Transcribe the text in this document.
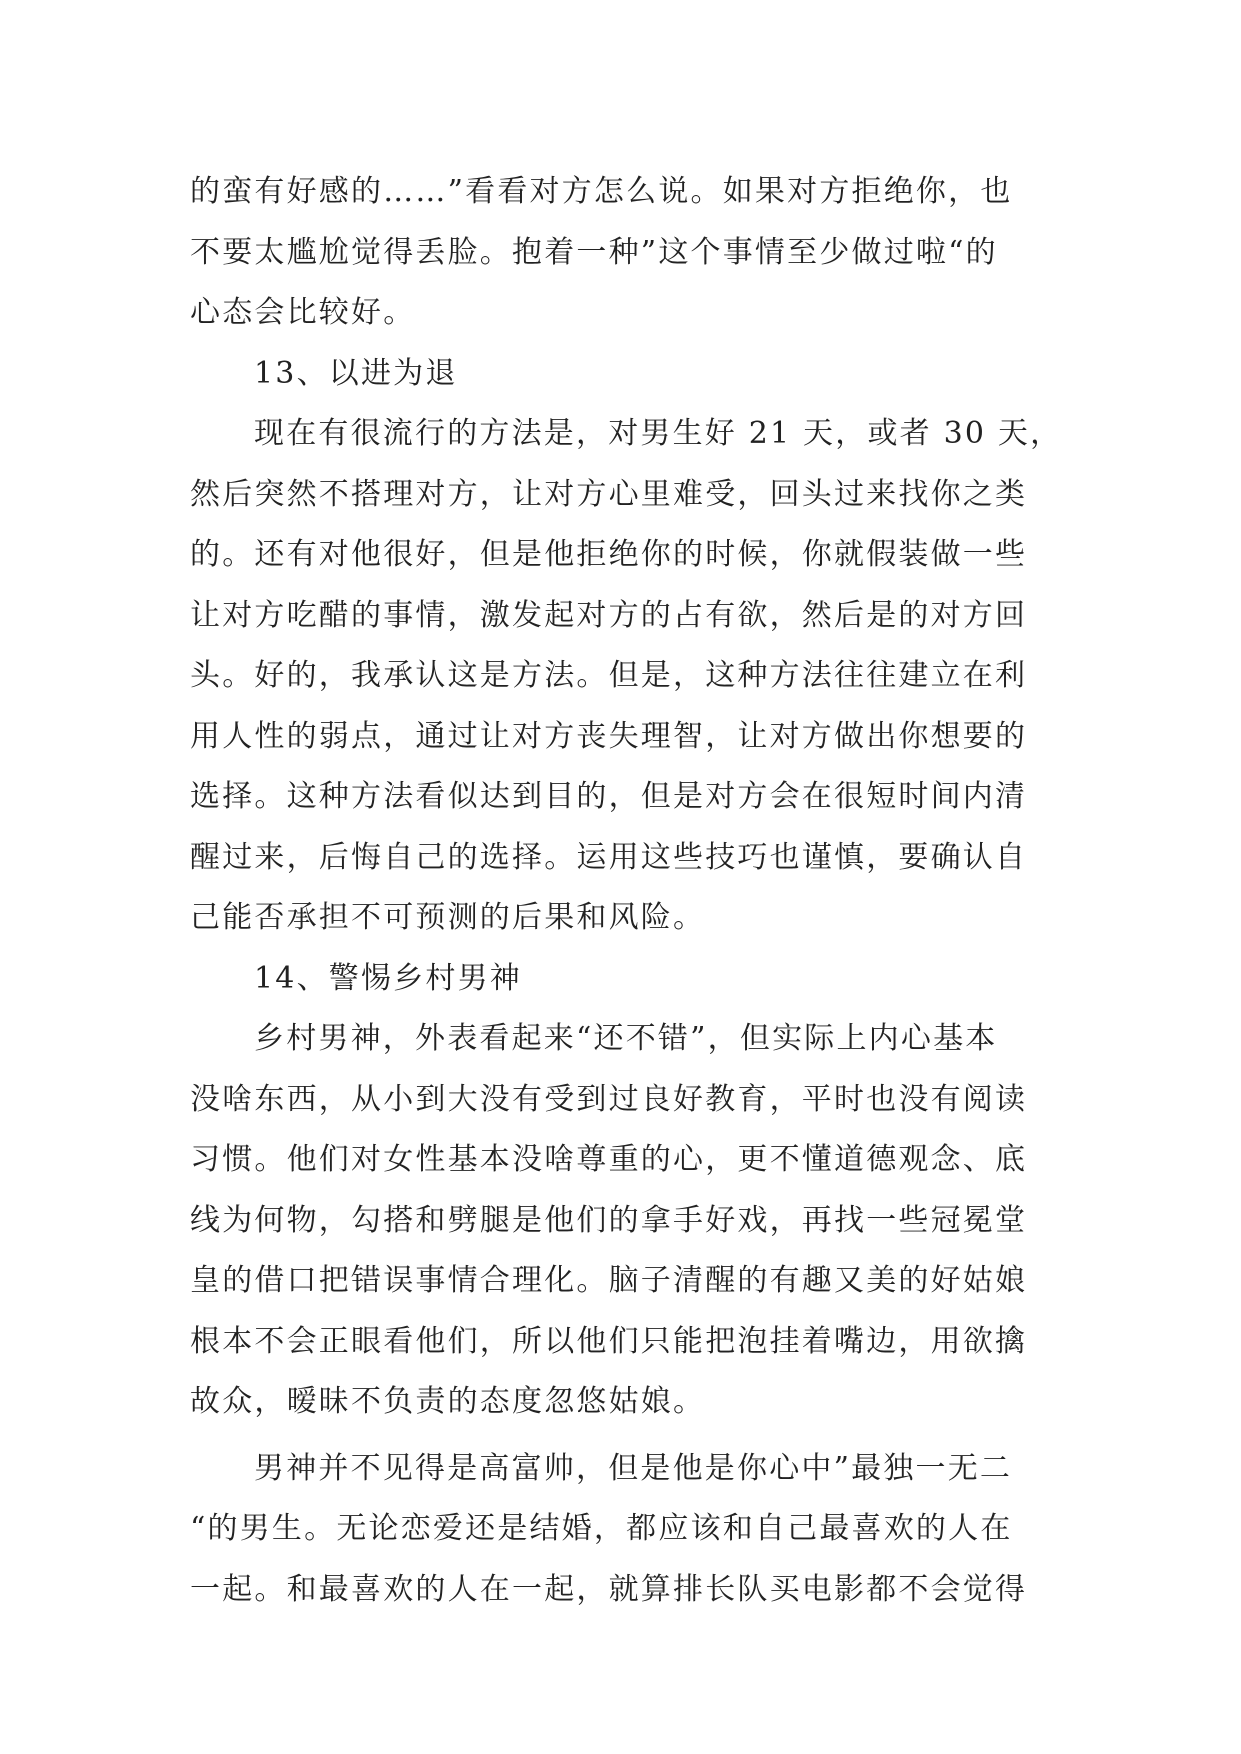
的蛮有好感的……”看看对方怎么说。如果对方拒绝你，也
不要太尴尬觉得丢脸。抱着一种”这个事情至少做过啦“的
心态会比较好。
13、以进为退
现在有很流行的方法是，对男生好 21 天，或者 30 天，
然后突然不搭理对方，让对方心里难受，回头过来找你之类
的。还有对他很好，但是他拒绝你的时候，你就假装做一些
让对方吃醋的事情，激发起对方的占有欲，然后是的对方回
头。好的，我承认这是方法。但是，这种方法往往建立在利
用人性的弱点，通过让对方丧失理智，让对方做出你想要的
选择。这种方法看似达到目的，但是对方会在很短时间内清
醒过来，后悔自己的选择。运用这些技巧也谨慎，要确认自
己能否承担不可预测的后果和风险。
14、警惕乡村男神
乡村男神，外表看起来“还不错”，但实际上内心基本
没啥东西，从小到大没有受到过良好教育，平时也没有阅读
习惯。他们对女性基本没啥尊重的心，更不懂道德观念、底
线为何物，勾搭和劈腿是他们的拿手好戏，再找一些冠冕堂
皇的借口把错误事情合理化。脑子清醒的有趣又美的好姑娘
根本不会正眼看他们，所以他们只能把泡挂着嘴边，用欲擒
故众，暧昧不负责的态度忽悠姑娘。
男神并不见得是高富帅，但是他是你心中”最独一无二
“的男生。无论恋爱还是结婚，都应该和自己最喜欢的人在
一起。和最喜欢的人在一起，就算排长队买电影都不会觉得
